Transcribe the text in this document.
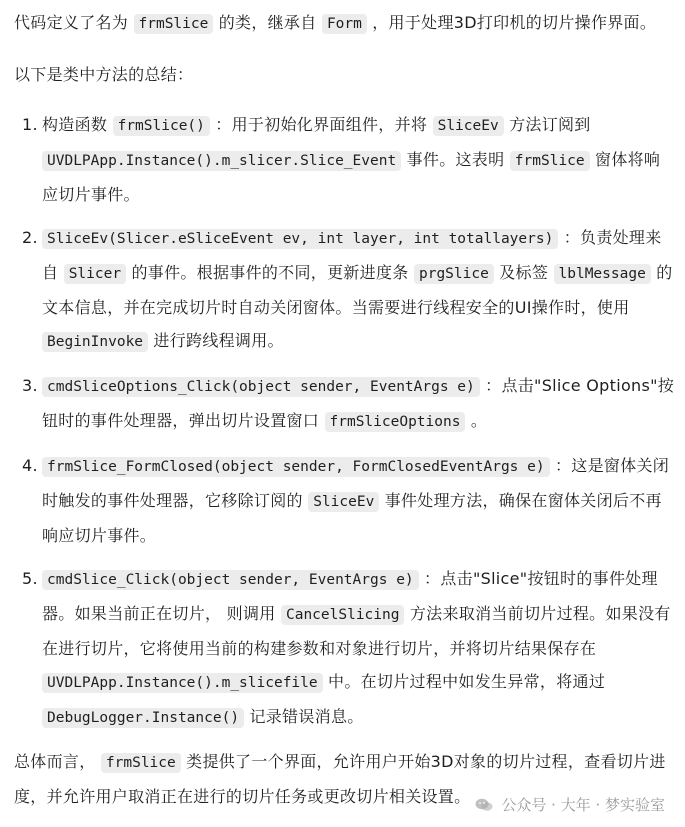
代码定义了名为 frmSlice 的类，继承自 Form ，用于处理3D打印机的切片操作界面。

以下是类中方法的总结：

1. 构造函数 frmSlice() ：用于初始化界面组件，并将 SliceEv 方法订阅到 UVDLPApp.Instance().m_slicer.Slice_Event 事件。这表明 frmSlice 窗体将响应切片事件。
2. SliceEv(Slicer.eSliceEvent ev, int layer, int totallayers) ：负责处理来自 Slicer 的事件。根据事件的不同，更新进度条 prgSlice 及标签 lblMessage 的文本信息，并在完成切片时自动关闭窗体。当需要进行线程安全的UI操作时，使用 BeginInvoke 进行跨线程调用。
3. cmdSliceOptions_Click(object sender, EventArgs e) ：点击"Slice Options"按钮时的事件处理器，弹出切片设置窗口 frmSliceOptions 。
4. frmSlice_FormClosed(object sender, FormClosedEventArgs e) ：这是窗体关闭时触发的事件处理器，它移除订阅的 SliceEv 事件处理方法，确保在窗体关闭后不再响应切片事件。
5. cmdSlice_Click(object sender, EventArgs e) ：点击"Slice"按钮时的事件处理器。如果当前正在切片， 则调用 CancelSlicing 方法来取消当前切片过程。如果没有在进行切片，它将使用当前的构建参数和对象进行切片，并将切片结果保存在 UVDLPApp.Instance().m_slicefile 中。在切片过程中如发生异常，将通过 DebugLogger.Instance() 记录错误消息。

总体而言， frmSlice 类提供了一个界面，允许用户开始3D对象的切片过程，查看切片进度，并允许用户取消正在进行的切片任务或更改切片相关设置。	公众号 · 大年 · 梦实验室
